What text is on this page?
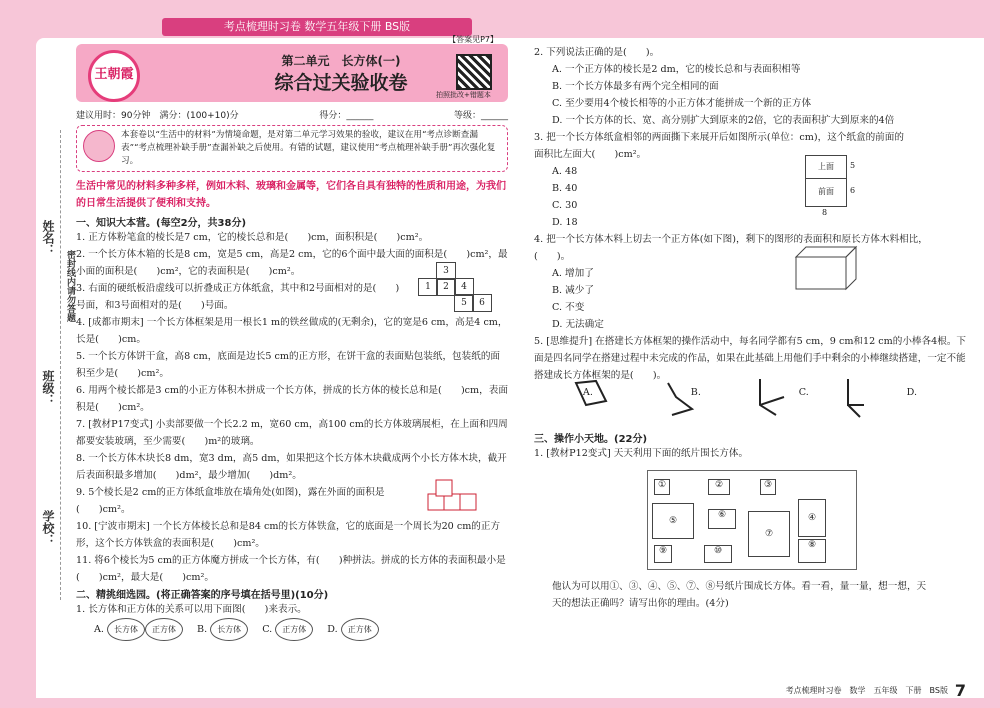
考点梳理时习卷 数学五年级下册 BS版
姓名：
班级：
学校：
密封线内请勿答题
【答案见P7】
王朝霞
第二单元　长方体(一)
综合过关验收卷
拍照批改+错题本
建议用时：90分钟　满分：(100+10)分	得分：______	等级：______
本套卷以“生活中的材料”为情境命题，是对第二单元学习效果的验收，建议在用“考点诊断查漏表”“考点梳理补缺手册”查漏补缺之后使用。有错的试题，建议使用“考点梳理补缺手册”再次强化复习。
生活中常见的材料多种多样，例如木料、玻璃和金属等，它们各自具有独特的性质和用途，为我们的日常生活提供了便利和支持。
一、知识大本营。(每空2分，共38分)
1. 正方体粉笔盒的棱长是7 cm，它的棱长总和是(　　)cm，面积积是(　　)cm²。
2. 一个长方体木箱的长是8 cm，宽是5 cm，高是2 cm，它的6个面中最大面的面积是(　　)cm²，最小面的面积是(　　)cm²，它的表面积是(　　)cm²。
3. 右面的硬纸板沿虚线可以折叠成正方体纸盒，其中和2号面相对的是(　　)号面，和3号面相对的是(　　)号面。
4. [成都市期末] 一个长方体框架是用一根长1 m的铁丝做成的(无剩余)，它的宽是6 cm，高是4 cm，长是(　　)cm。
5. 一个长方体饼干盒，高8 cm，底面是边长5 cm的正方形，在饼干盒的表面贴包装纸，包装纸的面积至少是(　　)cm²。
6. 用两个棱长都是3 cm的小正方体积木拼成一个长方体，拼成的长方体的棱长总和是(　　)cm，表面积是(　　)cm²。
7. [教材P17变式] 小卖部要做一个长2.2 m，宽60 cm，高100 cm的长方体玻璃展柜，在上面和四周都要安装玻璃，至少需要(　　)m²的玻璃。
8. 一个长方体木块长8 dm，宽3 dm，高5 dm，如果把这个长方体木块截成两个小长方体木块，截开后表面积最多增加(　　)dm²，最少增加(　　)dm²。
9. 5个棱长是2 cm的正方体纸盒堆放在墙角处(如图)，露在外面的面积是(　　)cm²。
10. [宁波市期末] 一个长方体棱长总和是84 cm的长方体铁盒，它的底面是一个周长为20 cm的正方形，这个长方体铁盒的表面积是(　　)cm²。
11. 将6个棱长为5 cm的正方体魔方拼成一个长方体，有(　　)种拼法。拼成的长方体的表面积最小是(　　)cm²，最大是(　　)cm²。
二、精挑细选园。(将正确答案的序号填在括号里)(10分)
1. 长方体和正方体的关系可以用下面图(　　)来表示。
A. 长方体 正方体	B. 长方体	C. 正方体	D. 正方体
3
1	2	4
5	6
2. 下列说法正确的是(　　)。
A. 一个正方体的棱长是2 dm，它的棱长总和与表面积相等
B. 一个长方体最多有两个完全相同的面
C. 至少要用4个棱长相等的小正方体才能拼成一个新的正方体
D. 一个长方体的长、宽、高分别扩大到原来的2倍，它的表面积扩大到原来的4倍
3. 把一个长方体纸盒相邻的两面撕下来展开后如图所示(单位：cm)，这个纸盒的前面的面积比左面大(　　)cm²。
A. 48
B. 40
C. 30
D. 18
4. 把一个长方体木料上切去一个正方体(如下图)，剩下的图形的表面积和原长方体木料相比，(　　)。
A. 增加了
B. 减少了
C. 不变
D. 无法确定
5. [思维提升] 在搭建长方体框架的操作活动中，每名同学都有5 cm，9 cm和12 cm的小棒各4根。下面是四名同学在搭建过程中未完成的作品，如果在此基础上用他们手中剩余的小棒继续搭建，一定不能搭建成长方体框架的是(　　)。
A.	B.	C.	D.
三、操作小天地。(22分)
1. [教材P12变式] 天天利用下面的纸片围长方体。
上面
前面
5
6
8
①	②	③
④
⑤
⑥
⑦
⑧
⑨	⑩
他认为可以用①、③、④、⑤、⑦、⑧号纸片围成长方体。看一看，量一量，想一想，天天的想法正确吗？请写出你的理由。(4分)
考点梳理时习卷　数学　五年级　下册　BS版 7
